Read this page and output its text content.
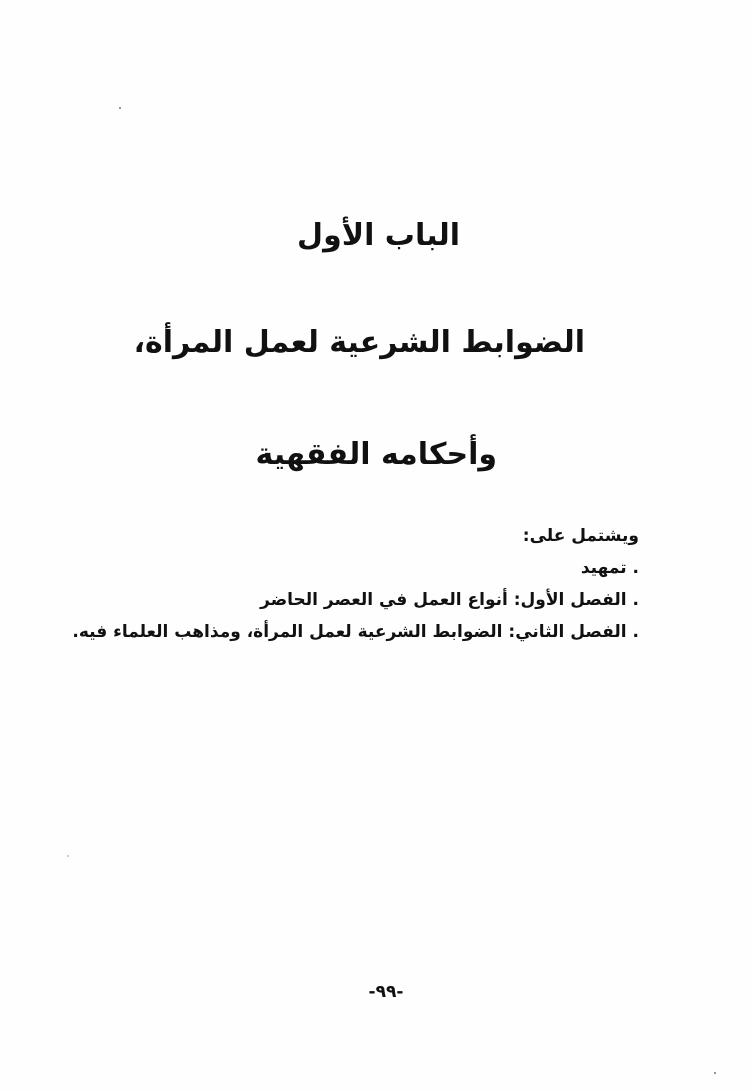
الباب الأول
الضوابط الشرعية لعمل المرأة،
وأحكامه الفقهية
ويشتمل على:
. تمهيد
. الفصل الأول: أنواع العمل في العصر الحاضر
. الفصل الثاني: الضوابط الشرعية لعمل المرأة، ومذاهب العلماء فيه.
-٩٩-
